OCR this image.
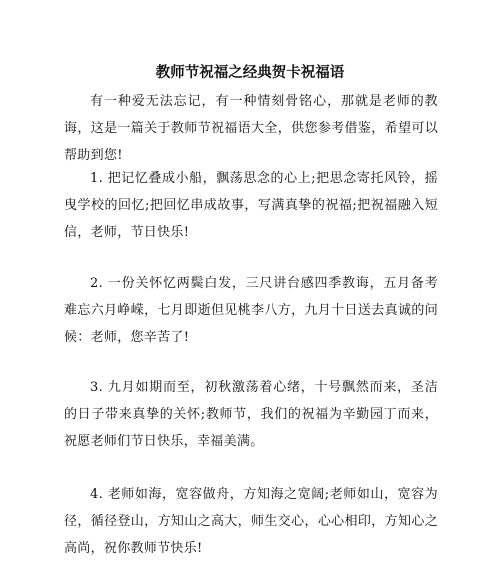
教师节祝福之经典贺卡祝福语
有一种爱无法忘记，有一种情刻骨铭心，那就是老师的教诲，这是一篇关于教师节祝福语大全，供您参考借鉴，希望可以帮助到您!
1. 把记忆叠成小船，飘荡思念的心上;把思念寄托风铃，摇曳学校的回忆;把回忆串成故事，写满真挚的祝福;把祝福融入短信，老师，节日快乐!
2. 一份关怀忆两鬓白发，三尺讲台感四季教诲，五月备考难忘六月峥嵘，七月即逝但见桃李八方，九月十日送去真诚的问候：老师，您辛苦了!
3. 九月如期而至，初秋激荡着心绪，十号飘然而来，圣洁的日子带来真挚的关怀;教师节，我们的祝福为辛勤园丁而来，祝愿老师们节日快乐，幸福美满。
4. 老师如海，宽容做舟，方知海之宽阔;老师如山，宽容为径，循径登山，方知山之高大，师生交心，心心相印，方知心之高尚，祝你教师节快乐!
